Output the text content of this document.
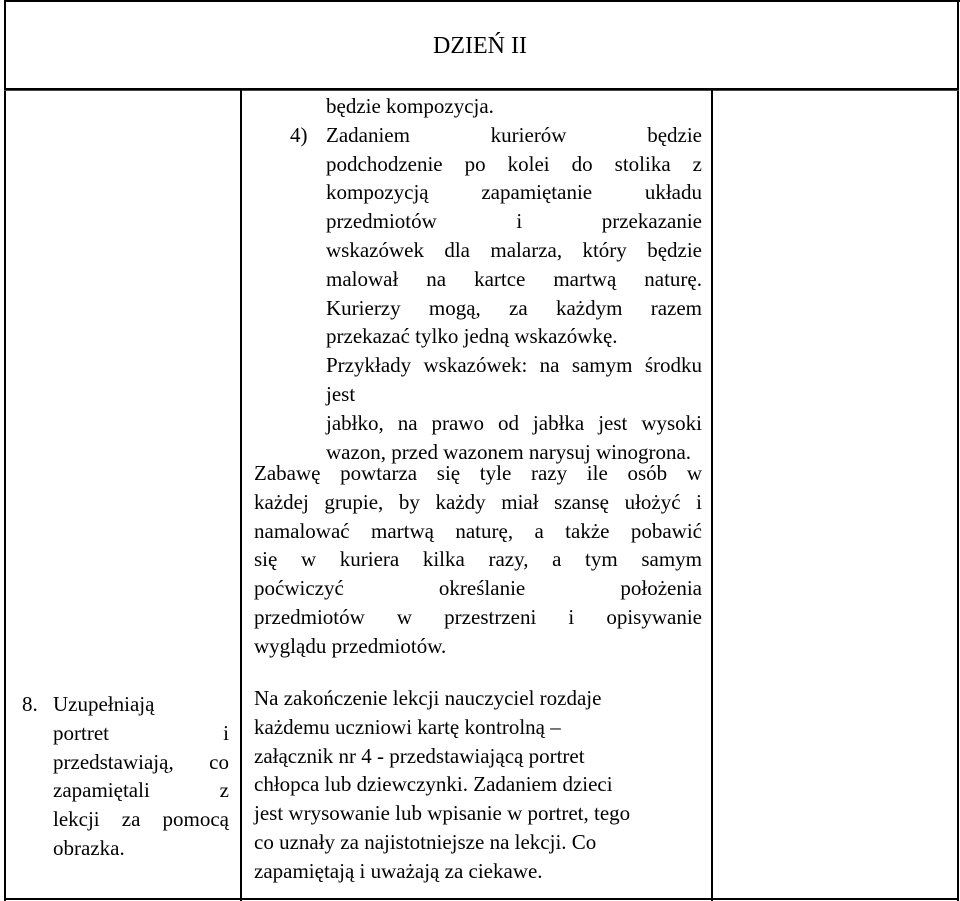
DZIEŃ II
będzie kompozycja.
Zadaniem kurierów będzie
podchodzenie po kolei do stolika z
kompozycją zapamiętanie układu
przedmiotów i przekazanie
wskazówek dla malarza, który będzie
malował na kartce martwą naturę.
Kurierzy mogą, za każdym razem
przekazać tylko jedną wskazówkę.
Przykłady wskazówek: na samym środku jest
jabłko, na prawo od jabłka jest wysoki
wazon, przed wazonem narysuj winogrona.
4)
Zabawę powtarza się tyle razy ile osób w
każdej grupie, by każdy miał szansę ułożyć i
namalować martwą naturę, a także pobawić
się w kuriera kilka razy, a tym samym
poćwiczyć określanie położenia
przedmiotów w przestrzeni i opisywanie
wyglądu przedmiotów.
Na zakończenie lekcji nauczyciel rozdaje
każdemu uczniowi kartę kontrolną –
załącznik nr 4 - przedstawiającą portret
chłopca lub dziewczynki. Zadaniem dzieci
jest wrysowanie lub wpisanie w portret, tego
co uznały za najistotniejsze na lekcji. Co
zapamiętają i uważają za ciekawe.
8. Uzupełniają
portret i
przedstawiają, co
zapamiętali z
lekcji za pomocą
obrazka.
